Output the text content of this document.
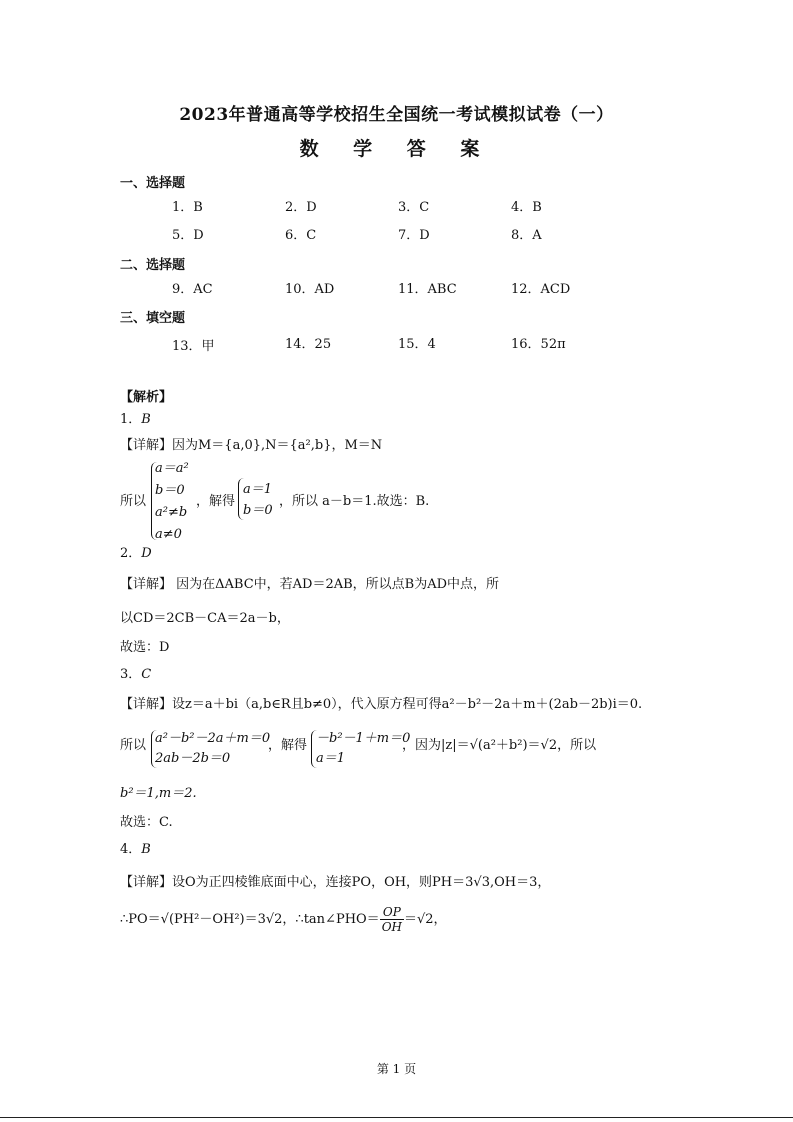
2023年普通高等学校招生全国统一考试模拟试卷（一）
数 学 答 案
一、选择题
1．B	2．D	3．C	4．B
5．D	6．C	7．D	8．A
二、选择题
9．AC	10．AD	11．ABC	12．ACD
三、填空题
13．甲	14．25	15．4	16．52π
【解析】
1．B
【详解】因为M＝{a,0},N＝{a²,b}，M＝N
所以
a＝a²
b＝0
a²≠b
a≠0
，解得
a＝1
b＝0
，所以 a－b＝1.故选：B.
2．D
【详解】 因为在ΔABC中，若AD＝2AB，所以点B为AD中点，所
以CD＝2CB－CA＝2a－b，
故选：D
3．C
【详解】设z＝a＋bi（a,b∈R且b≠0），代入原方程可得a²－b²－2a＋m＋(2ab－2b)i＝0.
所以 a²－b²－2a＋m＝0
2ab－2b＝0
，解得 －b²－1＋m＝0
a＝1
，因为|z|＝√(a²＋b²)＝√2，所以
b²＝1,m＝2.
故选：C.
4．B
【详解】设O为正四棱锥底面中心，连接PO，OH，则PH＝3√3,OH＝3，
∴PO＝√(PH²－OH²)＝3√2，∴tan∠PHO＝ $\frac{OP}{OH} =√2$，
第 1 页
